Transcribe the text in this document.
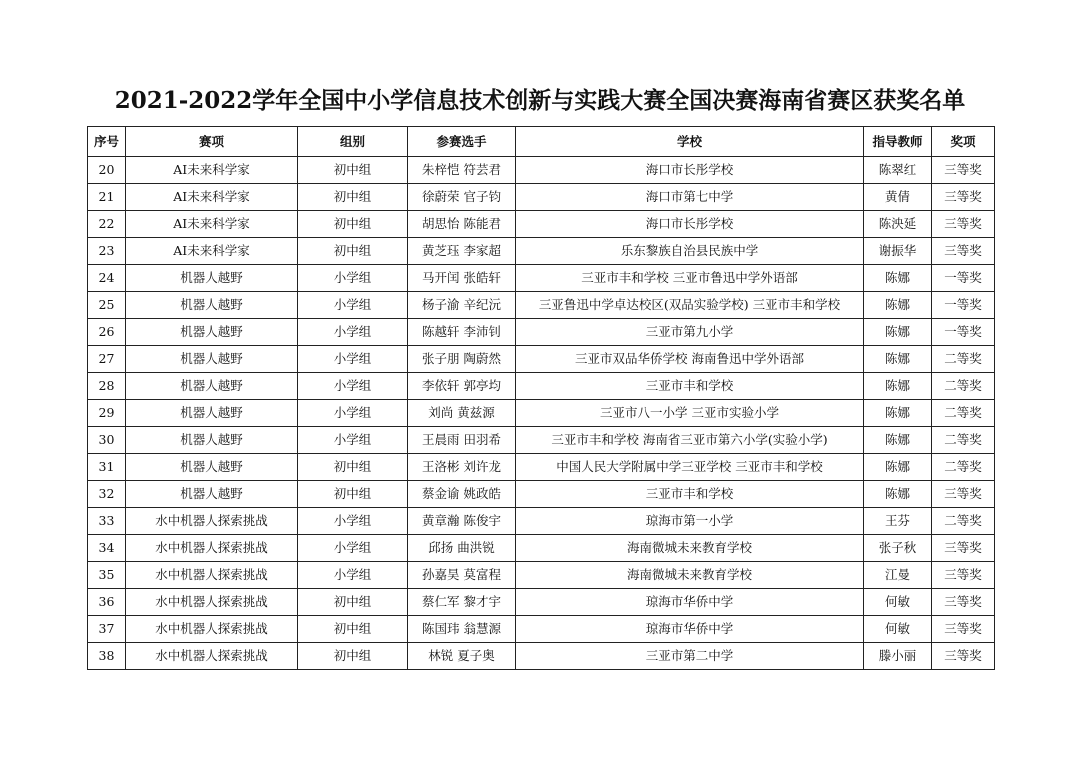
2021-2022学年全国中小学信息技术创新与实践大赛全国决赛海南省赛区获奖名单
序号	赛项	组别	参赛选手	学校	指导教师	奖项
20	AI未来科学家	初中组	朱梓恺 符芸君	海口市长彤学校	陈翠红	三等奖
21	AI未来科学家	初中组	徐蔚荣 官子钧	海口市第七中学	黄倩	三等奖
22	AI未来科学家	初中组	胡思怡 陈能君	海口市长彤学校	陈泱延	三等奖
23	AI未来科学家	初中组	黄芝珏 李家超	乐东黎族自治县民族中学	谢振华	三等奖
24	机器人越野	小学组	马开闰 张皓轩	三亚市丰和学校 三亚市鲁迅中学外语部	陈娜	一等奖
25	机器人越野	小学组	杨子渝 辛纪沅	三亚鲁迅中学卓达校区(双品实验学校) 三亚市丰和学校	陈娜	一等奖
26	机器人越野	小学组	陈越轩 李沛钊	三亚市第九小学	陈娜	一等奖
27	机器人越野	小学组	张子朋 陶蔚然	三亚市双品华侨学校 海南鲁迅中学外语部	陈娜	二等奖
28	机器人越野	小学组	李依轩 郭亭均	三亚市丰和学校	陈娜	二等奖
29	机器人越野	小学组	刘尚 黄兹源	三亚市八一小学 三亚市实验小学	陈娜	二等奖
30	机器人越野	小学组	王晨雨 田羽希	三亚市丰和学校 海南省三亚市第六小学(实验小学)	陈娜	二等奖
31	机器人越野	初中组	王洛彬 刘许龙	中国人民大学附属中学三亚学校 三亚市丰和学校	陈娜	二等奖
32	机器人越野	初中组	蔡金谕 姚政皓	三亚市丰和学校	陈娜	三等奖
33	水中机器人探索挑战	小学组	黄章瀚 陈俊宇	琼海市第一小学	王芬	二等奖
34	水中机器人探索挑战	小学组	邱扬 曲洪锐	海南微城未来教育学校	张子秋	三等奖
35	水中机器人探索挑战	小学组	孙嘉昊 莫富程	海南微城未来教育学校	江曼	三等奖
36	水中机器人探索挑战	初中组	蔡仁军 黎才宇	琼海市华侨中学	何敏	三等奖
37	水中机器人探索挑战	初中组	陈国玮 翁慧源	琼海市华侨中学	何敏	三等奖
38	水中机器人探索挑战	初中组	林锐 夏子奥	三亚市第二中学	滕小丽	三等奖
